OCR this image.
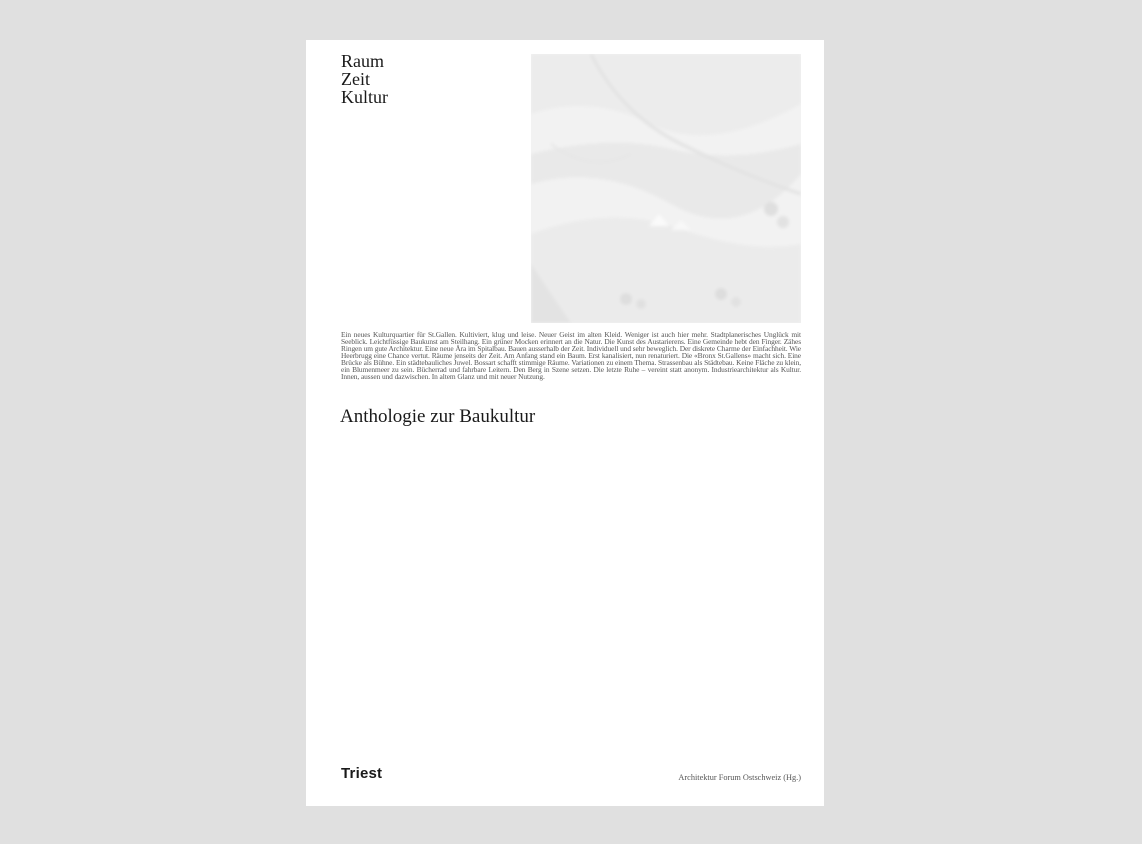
Raum
Zeit
Kultur

Ein neues Kulturquartier für St.Gallen. Kultiviert, klug und leise. Neuer Geist im alten Kleid. Weniger ist auch hier mehr. Stadtplanerisches Unglück mit Seeblick. Leichtfüssige Baukunst am Steilhang. Ein grüner Mocken erinnert an die Natur. Die Kunst des Austarierens. Eine Gemeinde hebt den Finger. Zähes Ringen um gute Architektur. Eine neue Ära im Spitalbau. Bauen ausserhalb der Zeit. Individuell und sehr beweglich. Der diskrete Charme der Einfachheit. Wie Heerbrugg eine Chance vertut. Räume jenseits der Zeit. Am Anfang stand ein Baum. Erst kanalisiert, nun renaturiert. Die «Bronx St.Gallens» macht sich. Eine Brücke als Bühne. Ein städtebauliches Juwel. Bossart schafft stimmige Räume. Variationen zu einem Thema. Strassenbau als Städtebau. Keine Fläche zu klein, ein Blumenmeer zu sein. Bücherrad und fahrbare Leitern. Den Berg in Szene setzen. Die letzte Ruhe – vereint statt anonym. Industriearchitektur als Kultur. Innen, aussen und dazwischen. In altem Glanz und mit neuer Nutzung.

Anthologie zur Baukultur
Triest	Architektur Forum Ostschweiz (Hg.)
